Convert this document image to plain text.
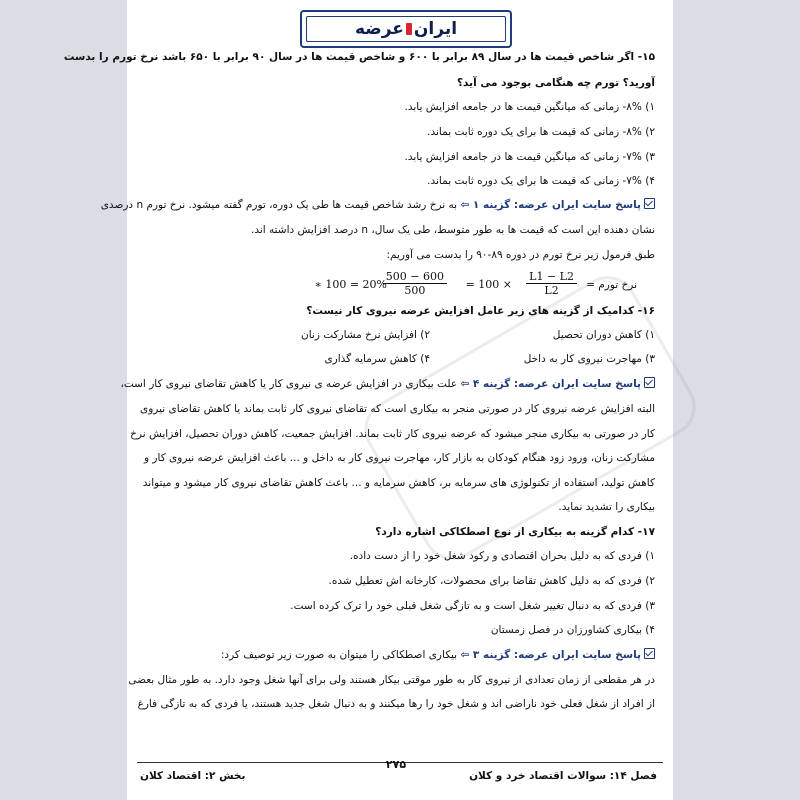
ایران
عرضه
۱۵- اگر شاخص قیمت ها در سال ۸۹ برابر با ۶۰۰ و شاخص قیمت ها در سال ۹۰ برابر با ۶۵۰ باشد نرخ تورم را بدست
آورید؟ تورم چه هنگامی بوجود می آید؟
۱) ۸%- زمانی که میانگین قیمت ها در جامعه افزایش یابد.
۲) ۸%- زمانی که قیمت ها برای یک دوره ثابت بماند.
۳) ۷%- زمانی که میانگین قیمت ها در جامعه افزایش یابد.
۴) ۷%- زمانی که قیمت ها برای یک دوره ثابت بماند.
پاسخ سایت ایران عرضه: گزینه ۱ ⇦ به نرخ رشد شاخص قیمت ها طی یک دوره، تورم گفته میشود. نرخ تورم n درصدی
نشان دهنده این است که قیمت ها به طور متوسط، طی یک سال، n درصد افزایش داشته اند.
طبق فرمول زیر نرخ تورم در دوره ۸۹-۹۰ را بدست می آوریم:
نرخ تورم =
$\frac{L1 - L2}{L2}$
× 100 =
$\frac{600 - 500}{500}$
∗ 100 = 20%
۱۶- کدامیک از گزینه های زیر عامل افزایش عرضه نیروی کار نیست؟
۱) کاهش دوران تحصیل
۲) افزایش نرخ مشارکت زنان
۳) مهاجرت نیروی کار به داخل
۴) کاهش سرمایه گذاری
پاسخ سایت ایران عرضه: گزینه ۴ ⇦ علت بیکاری در افزایش عرضه ی نیروی کار یا کاهش تقاضای نیروی کار است،
البته افزایش عرضه نیروی کار در صورتی منجر به بیکاری است که تقاضای نیروی کار ثابت بماند یا کاهش تقاضای نیروی
کار در صورتی به بیکاری منجر میشود که عرضه نیروی کار ثابت بماند. افزایش جمعیت، کاهش دوران تحصیل، افزایش نرخ
مشارکت زنان، ورود زود هنگام کودکان به بازار کار، مهاجرت نیروی کار به داخل و ... باعث افزایش عرضه نیروی کار و
کاهش تولید، استفاده از تکنولوژی های سرمایه بر، کاهش سرمایه و ... باعث کاهش تقاضای نیروی کار میشود و میتواند
بیکاری را تشدید نماید.
۱۷- کدام گزینه به بیکاری از نوع اصطکاکی اشاره دارد؟
۱) فردی که به دلیل بحران اقتصادی و رکود شغل خود را از دست داده.
۲) فردی که به دلیل کاهش تقاضا برای محصولات، کارخانه اش تعطیل شده.
۳) فردی که به دنبال تغییر شغل است و به تازگی شغل قبلی خود را ترک کرده است.
۴) بیکاری کشاورزان در فصل زمستان
پاسخ سایت ایران عرضه: گزینه ۳ ⇦ بیکاری اصطکاکی را میتوان به صورت زیر توصیف کرد:
در هر مقطعی از زمان تعدادی از نیروی کار به طور موقتی بیکار هستند ولی برای آنها شغل وجود دارد. به طور مثال بعضی
از افراد از شغل فعلی خود ناراضی اند و شغل خود را رها میکنند و به دنبال شغل جدید هستند، یا فردی که به تازگی فارغ
۲۷۵
فصل ۱۴: سوالات اقتصاد خرد و کلان
بخش ۲: اقتصاد کلان
